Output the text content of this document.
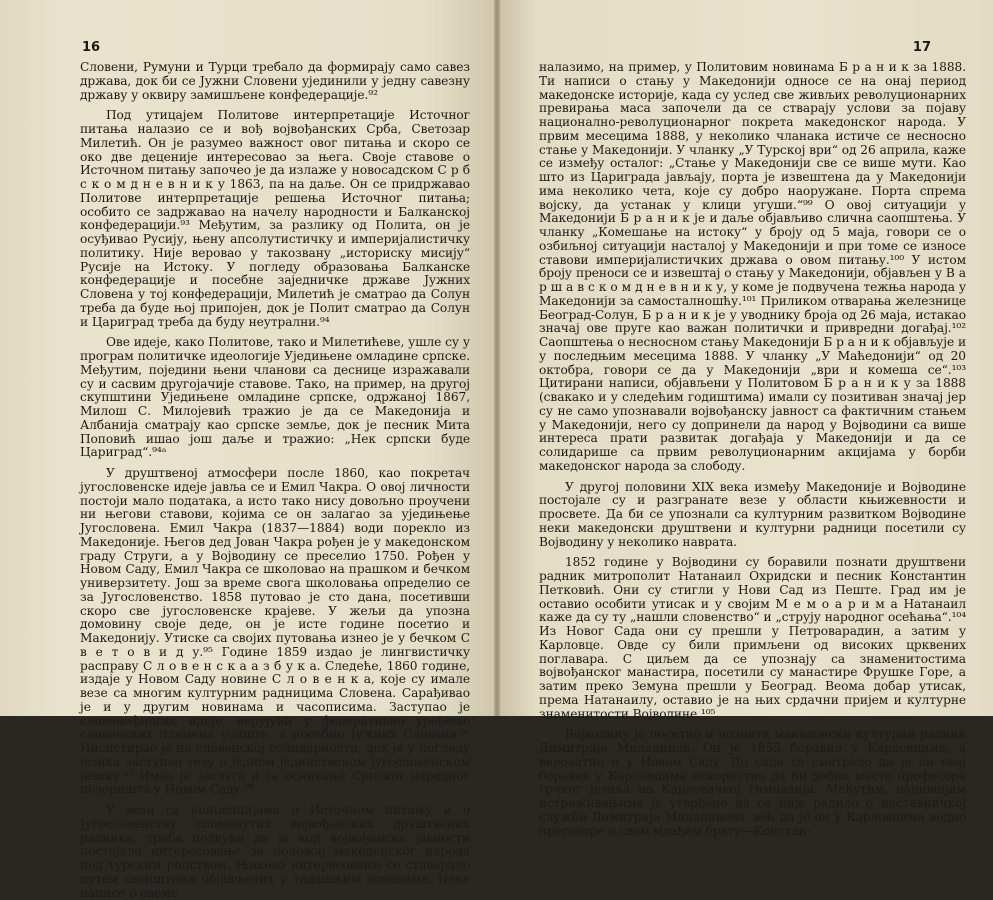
16

Словени, Румуни и Турци требало да формирају само савез држава, док би се Јужни Словени ујединили у једну савезну државу у оквиру замишљене конфедерације.⁹²

Под утицајем Политове интерпретације Источног питања налазио се и вођ војвођанских Срба, Светозар Милетић. Он је разумео важност овог питања и скоро се око две деценије интересовао за њега. Своје ставове о Источном питању започео је да излаже у новосадском С р б с к о м д н е в н и к у 1863, па на даље. Он се придржавао Политове интерпретације решења Источног питања; особито се задржавао на начелу народности и Балканској конфедерацији.⁹³ Међутим, за разлику од Полита, он је осуђивао Русију, њену апсолутистичку и империјалистичку политику. Није веровао у такозвану „историску мисију“ Русије на Истоку. У погледу образовања Балканске конфедерације и посебне заједничке државе Јужних Словена у тој конфедерацији, Милетић је сматрао да Солун треба да буде њој припојен, док је Полит сматрао да Солун и Цариград треба да буду неутрални.⁹⁴

Ове идеје, како Политове, тако и Милетићеве, ушле су у програм политичке идеологије Уједињене омладине српске. Међутим, поједини њени чланови са деснице изражавали су и сасвим другојачије ставове. Тако, на пример, на другој скупштини Уједињене омладине српске, одржаној 1867, Милош С. Милојевић тражио је да се Македонија и Албанија сматрају као српске земље, док је песник Мита Поповић ишао још даље и тражио: „Нек српски буде Цариград“.⁹⁴ᵃ

У друштвеној атмосфери после 1860, као покретач југословенске идеје јавља се и Емил Чакра. О овој личности постоји мало података, а исто тако нису довољно проучени ни његови ставови, којима се он залагао за уједињење Југословена. Емил Чакра (1837—1884) води порекло из Македоније. Његов дед Јован Чакра рођен је у македонском граду Струги, а у Војводину се преселио 1750. Рођен у Новом Саду, Емил Чакра се школовао на прашком и бечком универзитету. Још за време свога школовања определио се за Југословенство. 1858 путовао је сто дана, посетивши скоро све југословенске крајеве. У жељи да упозна домовину своје деде, он је исте године посетио и Македонију. Утиске са својих путовања изнео је у бечком С в е т о в и д у.⁹⁵ Године 1859 издао је лингвистичку расправу С л о в е н с к а а з б у к а. Следеће, 1860 године, издаје у Новом Саду новине С л о в е н к а, које су имале везе са многим културним радницима Словена. Сарађивао је и у другим новинама и часописима. Заступао је словенофилске идеје, верујући у федеративно уређење словенских племена уопште, а посебно Јужних Словена.⁹⁶ Инсистирао је на словенској солидарности, док је у погледу језика заступао тезу о једном јединственом југословенском језику.⁹⁷ Имао је заслуга и за оснивање Српског народног позоришта у Новом Саду.⁹⁸

У вези са концепцијама о Источном питању и о Југословенству споменутих војвођанских друштвених радника, треба подвући да је код војвођанске јавности постојало интересовање за положај македонског народа под турским ропством. Њихово интересовање се ставарало путем саопштења објављених у тадашњим новинама. Неке написе о овоме

17

налазимо, на пример, у Политовим новинама Б р а н и к за 1888. Ти написи о стању у Македонији односе се на онај период македонске историје, када су услед све живљих револуционарних превирања маса започели да се стварају услови за појаву национално-револуционарног покрета македонског народа. У првим месецима 1888, у неколико чланака истиче се неснoсно стање у Македонији. У чланку „У Турској ври“ од 26 априла, каже се између осталог: „Стање у Македонији све се више мути. Као што из Цариграда јављају, порта је извештена да у Македонији има неколико чета, које су добро наоружане. Порта спрема војску, да устанак у клици угуши.“⁹⁹ О овој ситуацији у Македонији Б р а н и к је и даље објављиво слична саопштења. У чланку „Комешање на истоку“ у броју од 5 маја, говори се о озбиљној ситуацији настaлој у Македонији и при томе се износе ставови империјалистичких држава о овом питању.¹⁰⁰ У истом броју преноси се и извештај о стању у Македонији, објављен у В а р ш а в с к о м д н е в н и к у, у коме је подвучена тежња народа у Македонији за самосталношћу.¹⁰¹ Приликом отварања железнице Београд-Солун, Б р а н и к је у уводнику броја од 26 маја, истакао значај ове пруге као важан политички и привредни догађај.¹⁰² Саопштења о неснoсном стању Македонији Б р а н и к објављује и у последњим месецима 1888. У чланку „У Маћедонији“ од 20 октобра, говори се да у Македонији „ври и комеша се“.¹⁰³ Цитирани написи, објављени у Политовом Б р а н и к у за 1888 (свакако и у следећим годиштима) имали су позитиван значај јер су не само упознавали војвођанску јавност са фактичним стањем у Македонији, него су допринели да народ у Војводини са више интереса прати развитак догађаја у Македонији и да се солидарише са првим револуционарним акцијама у борби македонског народа за слободу.

У другој половини XIX века између Македоније и Војводине постојале су и разгранате везе у области књижевности и просвете. Да би се упознали са културним развитком Војводине неки македонски друштвени и културни радници посетили су Војводину у неколико наврата.

1852 године у Војводини су боравили познати друштвени радник митрополит Натанаил Охридски и песник Константин Петковић. Они су стигли у Нови Сад из Пеште. Град им је оставио особити утисак и у својим М е м о а р и м а Натанаил каже да су ту „нашли словенство“ и „струју народног осећања“.¹⁰⁴ Из Новог Сада они су прешли у Петроварадин, а затим у Карловце. Овде су били примљени од високих црквених поглавара. С циљем да се упознају са знаменитостима војвођанског манастира, посетили су манастире Фрушке Горе, а затим преко Земуна прешли у Београд. Веома добар утисак, према Натанаилу, оставио је на њих срдачни пријем и културне знаменитости Војводине.¹⁰⁵

Војводину је посетио и познати македонски културни радник Димитрије Миладинов. Он је 1855 боравио у Карловцима, а вероватно и у Новом Саду. До сада се сматрало да је он овај боравак у Карловцима искористио да би добио место професора грчког језика на Карловачкој гимназији. Међутим, најновијим истраживањима је утврђено да се није радило о наставничкој служби Димитрија Миладинова, већ да је он у Карловцима водио преговоре о свом млађем брату—Констан-
